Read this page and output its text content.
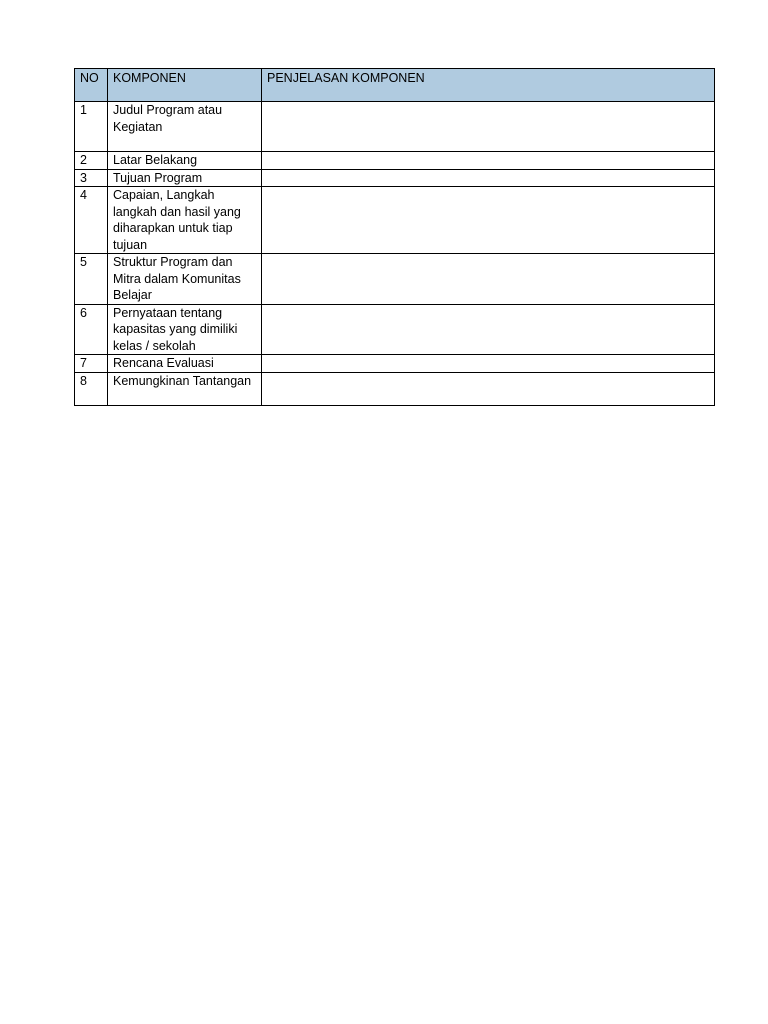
NO	KOMPONEN	PENJELASAN KOMPONEN
1	Judul Program atau Kegiatan	
2	Latar Belakang	
3	Tujuan Program	
4	Capaian, Langkah langkah dan hasil yang diharapkan untuk tiap tujuan	
5	Struktur Program dan Mitra dalam Komunitas Belajar	
6	Pernyataan tentang kapasitas yang dimiliki kelas / sekolah	
7	Rencana Evaluasi	
8	Kemungkinan Tantangan	
